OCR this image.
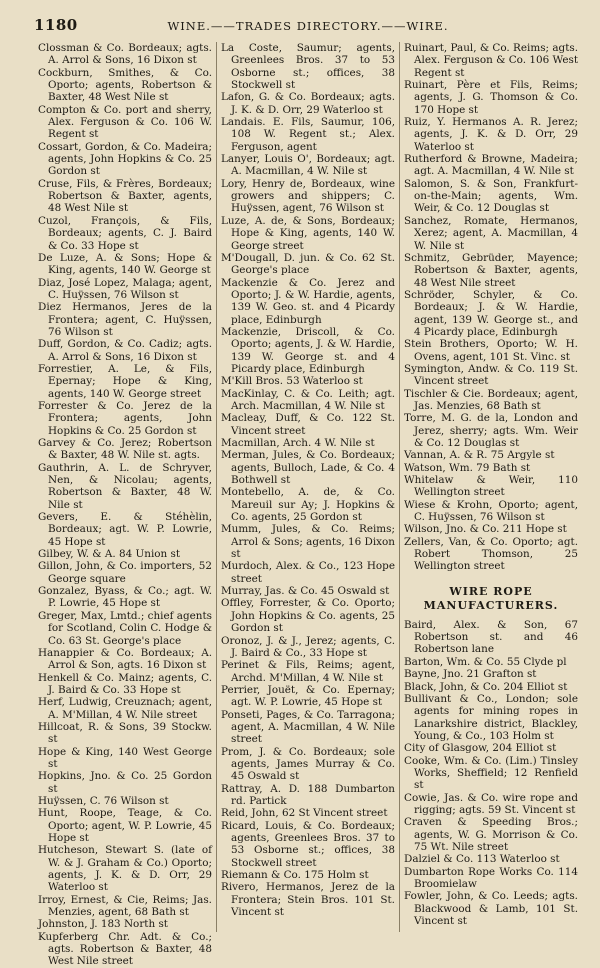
1180	WINE.——TRADES DIRECTORY.——WIRE.

Clossman & Co. Bordeaux; agts. A. Arrol & Sons, 16 Dixon st

Cockburn, Smithes, & Co. Oporto; agents, Robertson & Baxter, 48 West Nile st

Compton & Co. port and sherry, Alex. Ferguson & Co. 106 W. Regent st

Cossart, Gordon, & Co. Madeira; agents, John Hopkins & Co. 25 Gordon st

Cruse, Fils, & Frères, Bordeaux; Robertson & Baxter, agents, 48 West Nile st

Cuzol, François, & Fils, Bordeaux; agents, C. J. Baird & Co. 33 Hope st

De Luze, A. & Sons; Hope & King, agents, 140 W. George st

Diaz, José Lopez, Malaga; agent, C. Huÿssen, 76 Wilson st

Diez Hermanos, Jeres de la Frontera; agent, C. Huÿssen, 76 Wilson st

Duff, Gordon, & Co. Cadiz; agts. A. Arrol & Sons, 16 Dixon st

Forrestier, A. Le, & Fils, Epernay; Hope & King, agents, 140 W. George street

Forrester & Co. Jerez de la Frontera; agents, John Hopkins & Co. 25 Gordon st

Garvey & Co. Jerez; Robertson & Baxter, 48 W. Nile st. agts.

Gauthrin, A. L. de Schryver, Nen, & Nicolau; agents, Robertson & Baxter, 48 W. Nile st

Gevers, E. & Stéhèlin, Bordeaux; agt. W. P. Lowrie, 45 Hope st

Gilbey, W. & A. 84 Union st

Gillon, John, & Co. importers, 52 George square

Gonzalez, Byass, & Co.; agt. W. P. Lowrie, 45 Hope st

Greger, Max, Lmtd.; chief agents for Scotland, Colin C. Hodge & Co. 63 St. George's place

Hanappier & Co. Bordeaux; A. Arrol & Son, agts. 16 Dixon st

Henkell & Co. Mainz; agents, C. J. Baird & Co. 33 Hope st

Herf, Ludwig, Creuznach; agent, A. M'Millan, 4 W. Nile street

Hillcoat, R. & Sons, 39 Stockw. st

Hope & King, 140 West George st

Hopkins, Jno. & Co. 25 Gordon st

Huÿssen, C. 76 Wilson st

Hunt, Roope, Teage, & Co. Oporto; agent, W. P. Lowrie, 45 Hope st

Hutcheson, Stewart S. (late of W. & J. Graham & Co.) Oporto; agents, J. K. & D. Orr, 29 Waterloo st

Irroy, Ernest, & Cie, Reims; Jas. Menzies, agent, 68 Bath st

Johnston, J. 183 North st

Kupferberg Chr. Adt. & Co.; agts. Robertson & Baxter, 48 West Nile street

La Coste, Saumur; agents, Greenlees Bros. 37 to 53 Osborne st.; offices, 38 Stockwell st

Lafon, G. & Co. Bordeaux; agts. J. K. & D. Orr, 29 Waterloo st

Landais. E. Fils, Saumur, 106, 108 W. Regent st.; Alex. Ferguson, agent

Lanyer, Louis O', Bordeaux; agt. A. Macmillan, 4 W. Nile st

Lory, Henry de, Bordeaux, wine growers and shippers; C. Huÿssen, agent, 76 Wilson st

Luze, A. de, & Sons, Bordeaux; Hope & King, agents, 140 W. George street

M'Dougall, D. jun. & Co. 62 St. George's place

Mackenzie & Co. Jerez and Oporto; J. & W. Hardie, agents, 139 W. Geo. st. and 4 Picardy place, Edinburgh

Mackenzie, Driscoll, & Co. Oporto; agents, J. & W. Hardie, 139 W. George st. and 4 Picardy place, Edinburgh

M'Kill Bros. 53 Waterloo st

MacKinlay, C. & Co. Leith; agt. Arch. Macmillan, 4 W. Nile st

Macleay, Duff, & Co. 122 St. Vincent street

Macmillan, Arch. 4 W. Nile st

Merman, Jules, & Co. Bordeaux; agents, Bulloch, Lade, & Co. 4 Bothwell st

Montebello, A. de, & Co. Mareuil sur Ay; J. Hopkins & Co. agents, 25 Gordon st

Mumm, Jules, & Co. Reims; Arrol & Sons; agents, 16 Dixon st

Murdoch, Alex. & Co., 123 Hope street

Murray, Jas. & Co. 45 Oswald st

Offley, Forrester, & Co. Oporto; John Hopkins & Co. agents, 25 Gordon st

Oronoz, J. & J., Jerez; agents, C. J. Baird & Co., 33 Hope st

Perinet & Fils, Reims; agent, Archd. M'Millan, 4 W. Nile st

Perrier, Jouët, & Co. Epernay; agt. W. P. Lowrie, 45 Hope st

Ponseti, Pages, & Co. Tarragona; agent, A. Macmillan, 4 W. Nile street

Prom, J. & Co. Bordeaux; sole agents, James Murray & Co. 45 Oswald st

Rattray, A. D. 188 Dumbarton rd. Partick

Reid, John, 62 St Vincent street

Ricard, Louis, & Co. Bordeaux; agents, Greenlees Bros. 37 to 53 Osborne st.; offices, 38 Stockwell street

Riemann & Co. 175 Holm st

Rivero, Hermanos, Jerez de la Frontera; Stein Bros. 101 St. Vincent st

Ruinart, Paul, & Co. Reims; agts. Alex. Ferguson & Co. 106 West Regent st

Ruinart, Père et Fils, Reims; agents, J. G. Thomson & Co. 170 Hope st

Ruiz, Y. Hermanos A. R. Jerez; agents, J. K. & D. Orr, 29 Waterloo st

Rutherford & Browne, Madeira; agt. A. Macmillan, 4 W. Nile st

Salomon, S. & Son, Frankfurt-on-the-Main; agents, Wm. Weir, & Co. 12 Douglas st

Sanchez, Romate, Hermanos, Xerez; agent, A. Macmillan, 4 W. Nile st

Schmitz, Gebrüder, Mayence; Robertson & Baxter, agents, 48 West Nile street

Schröder, Schyler, & Co. Bordeaux; J. & W. Hardie, agent, 139 W. George st., and 4 Picardy place, Edinburgh

Stein Brothers, Oporto; W. H. Ovens, agent, 101 St. Vinc. st

Symington, Andw. & Co. 119 St. Vincent street

Tischler & Cie. Bordeaux; agent, Jas. Menzies, 68 Bath st

Torre, M. G. de la, London and Jerez, sherry; agts. Wm. Weir & Co. 12 Douglas st

Vannan, A. & R. 75 Argyle st

Watson, Wm. 79 Bath st

Whitelaw & Weir, 110 Wellington street

Wiese & Krohn, Oporto; agent, C. Huÿssen, 76 Wilson st

Wilson, Jno. & Co. 211 Hope st

Zellers, Van, & Co. Oporto; agt. Robert Thomson, 25 Wellington street

WIRE ROPE MANUFACTURERS.

Baird, Alex. & Son, 67 Robertson st. and 46 Robertson lane

Barton, Wm. & Co. 55 Clyde pl

Bayne, Jno. 21 Grafton st

Black, John, & Co. 204 Elliot st

Bullivant & Co., London; sole agents for mining ropes in Lanarkshire district, Blackley, Young, & Co., 103 Holm st

City of Glasgow, 204 Elliot st

Cooke, Wm. & Co. (Lim.) Tinsley Works, Sheffield; 12 Renfield st

Cowie, Jas. & Co. wire rope and rigging; agts. 59 St. Vincent st

Craven & Speeding Bros.; agents, W. G. Morrison & Co. 75 Wt. Nile street

Dalziel & Co. 113 Waterloo st

Dumbarton Rope Works Co. 114 Broomielaw

Fowler, John, & Co. Leeds; agts. Blackwood & Lamb, 101 St. Vincent st
